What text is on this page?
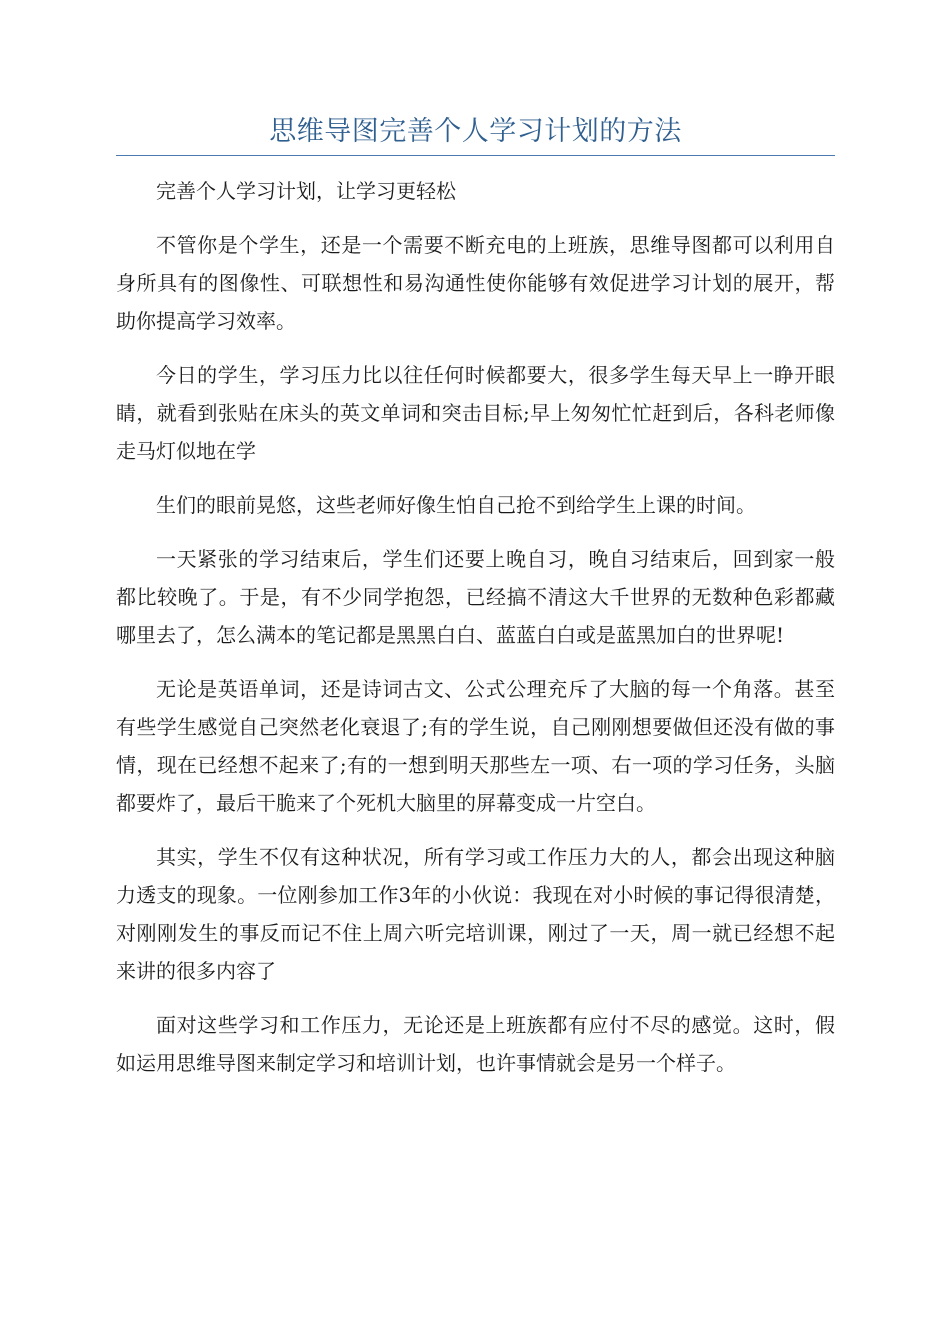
思维导图完善个人学习计划的方法

完善个人学习计划，让学习更轻松

不管你是个学生，还是一个需要不断充电的上班族，思维导图都可以利用自身所具有的图像性、可联想性和易沟通性使你能够有效促进学习计划的展开，帮助你提高学习效率。

今日的学生，学习压力比以往任何时候都要大，很多学生每天早上一睁开眼睛，就看到张贴在床头的英文单词和突击目标;早上匆匆忙忙赶到后，各科老师像走马灯似地在学

生们的眼前晃悠，这些老师好像生怕自己抢不到给学生上课的时间。

一天紧张的学习结束后，学生们还要上晚自习，晚自习结束后，回到家一般都比较晚了。于是，有不少同学抱怨，已经搞不清这大千世界的无数种色彩都藏哪里去了，怎么满本的笔记都是黑黑白白、蓝蓝白白或是蓝黑加白的世界呢!

无论是英语单词，还是诗词古文、公式公理充斥了大脑的每一个角落。甚至有些学生感觉自己突然老化衰退了;有的学生说，自己刚刚想要做但还没有做的事情，现在已经想不起来了;有的一想到明天那些左一项、右一项的学习任务，头脑都要炸了，最后干脆来了个死机大脑里的屏幕变成一片空白。

其实，学生不仅有这种状况，所有学习或工作压力大的人，都会出现这种脑力透支的现象。一位刚参加工作3年的小伙说：我现在对小时候的事记得很清楚，对刚刚发生的事反而记不住上周六听完培训课，刚过了一天，周一就已经想不起来讲的很多内容了

面对这些学习和工作压力，无论还是上班族都有应付不尽的感觉。这时，假如运用思维导图来制定学习和培训计划，也许事情就会是另一个样子。
